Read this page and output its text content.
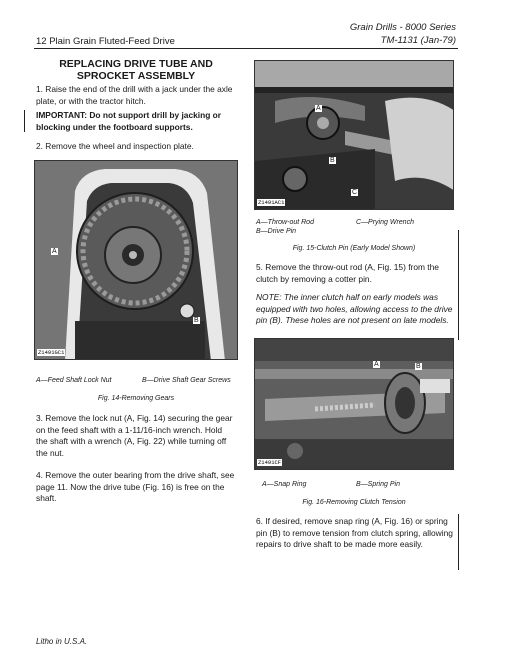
Grain Drills - 8000 Series
TM-1131 (Jan-79)
12 Plain Grain Fluted-Feed Drive
REPLACING DRIVE TUBE AND
SPROCKET ASSEMBLY
1. Raise the end of the drill with a jack under the axle plate, or with the tractor hitch.
IMPORTANT: Do not support drill by jacking or blocking under the footboard supports.
2. Remove the wheel and inspection plate.
Z1491GC1
A
B
A—Feed Shaft Lock Nut	B—Drive Shaft Gear Screws
Fig. 14-Removing Gears
3. Remove the lock nut (A, Fig. 14) securing the gear on the feed shaft with a 1-11/16-inch wrench. Hold the shaft with a wrench (A, Fig. 22) while turning off the nut.
4. Remove the outer bearing from the drive shaft, see page 11. Now the drive tube (Fig. 16) is free on the shaft.
Z1491AC1
A
B
C
A—Throw-out Rod
B—Drive Pin
C—Prying Wrench
Fig. 15-Clutch Pin (Early Model Shown)
5. Remove the throw-out rod (A, Fig. 15) from the clutch by removing a cotter pin.
NOTE: The inner clutch half on early models was equipped with two holes, allowing access to the drive pin (B). These holes are not present on late models.
Z1491CF
A	B
A—Snap Ring	B—Spring Pin
Fig. 16-Removing Clutch Tension
6. If desired, remove snap ring (A, Fig. 16) or spring pin (B) to remove tension from clutch spring, allowing repairs to drive shaft to be made more easily.
Litho in U.S.A.
